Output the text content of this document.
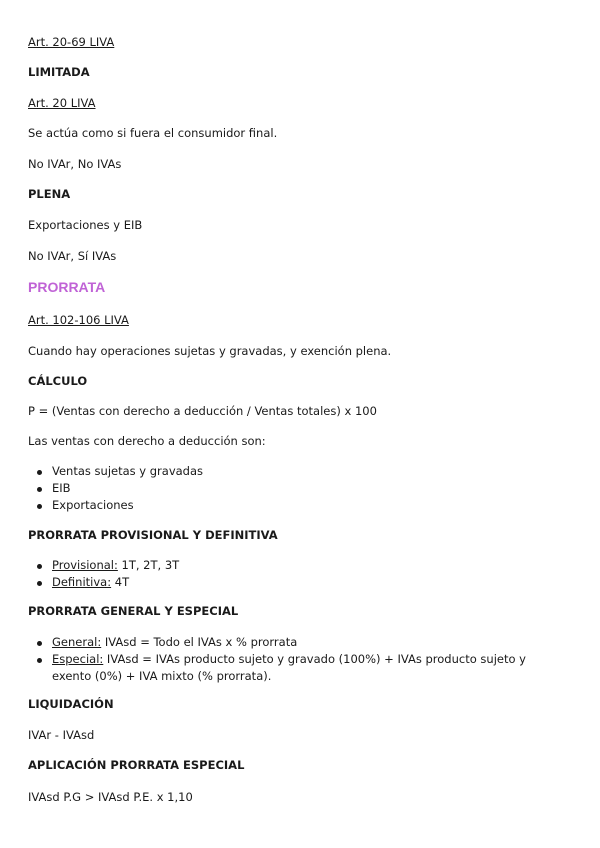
Art. 20-69 LIVA
LIMITADA
Art. 20 LIVA
Se actúa como si fuera el consumidor final.
No IVAr, No IVAs
PLENA
Exportaciones y EIB
No IVAr, Sí IVAs
PRORRATA
Art. 102-106 LIVA
Cuando hay operaciones sujetas y gravadas, y exención plena.
CÁLCULO
P = (Ventas con derecho a deducción / Ventas totales) x 100
Las ventas con derecho a deducción son:
Ventas sujetas y gravadas
EIB
Exportaciones
PRORRATA PROVISIONAL Y DEFINITIVA
Provisional: 1T, 2T, 3T
Definitiva: 4T
PRORRATA GENERAL Y ESPECIAL
General: IVAsd = Todo el IVAs x % prorrata
Especial: IVAsd = IVAs producto sujeto y gravado (100%) + IVAs producto sujeto y exento (0%) + IVA mixto (% prorrata).
LIQUIDACIÓN
IVAr - IVAsd
APLICACIÓN PRORRATA ESPECIAL
IVAsd P.G > IVAsd P.E. x 1,10
